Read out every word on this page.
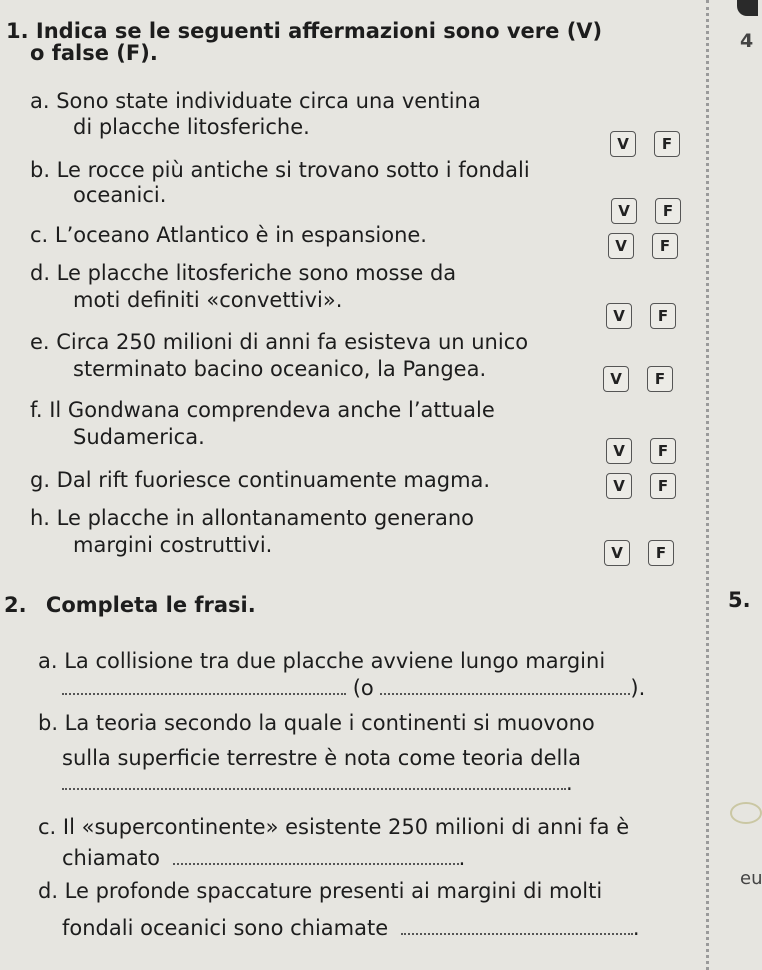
1. Indica se le seguenti affermazioni sono vere (V)
o false (F).
a. Sono state individuate circa una ventina
di placche litosferiche.
V	F
b. Le rocce più antiche si trovano sotto i fondali
oceanici.
V	F
c. L’oceano Atlantico è in espansione.	V	F
d. Le placche litosferiche sono mosse da
moti definiti «convettivi».
V	F
e. Circa 250 milioni di anni fa esisteva un unico
sterminato bacino oceanico, la Pangea.	V	F
f. Il Gondwana comprendeva anche l’attuale
Sudamerica.
V	F
g. Dal rift fuoriesce continuamente magma.	V	F
h. Le placche in allontanamento generano
margini costruttivi.	V	F
2. Completa le frasi.
a. La collisione tra due placche avviene lungo margini
(o	).
b. La teoria secondo la quale i continenti si muovono
sulla superficie terrestre è nota come teoria della
.
c. Il «supercontinente» esistente 250 milioni di anni fa è
chiamato	.
d. Le profonde spaccature presenti ai margini di molti
fondali oceanici sono chiamate	.
4
5.
eu
